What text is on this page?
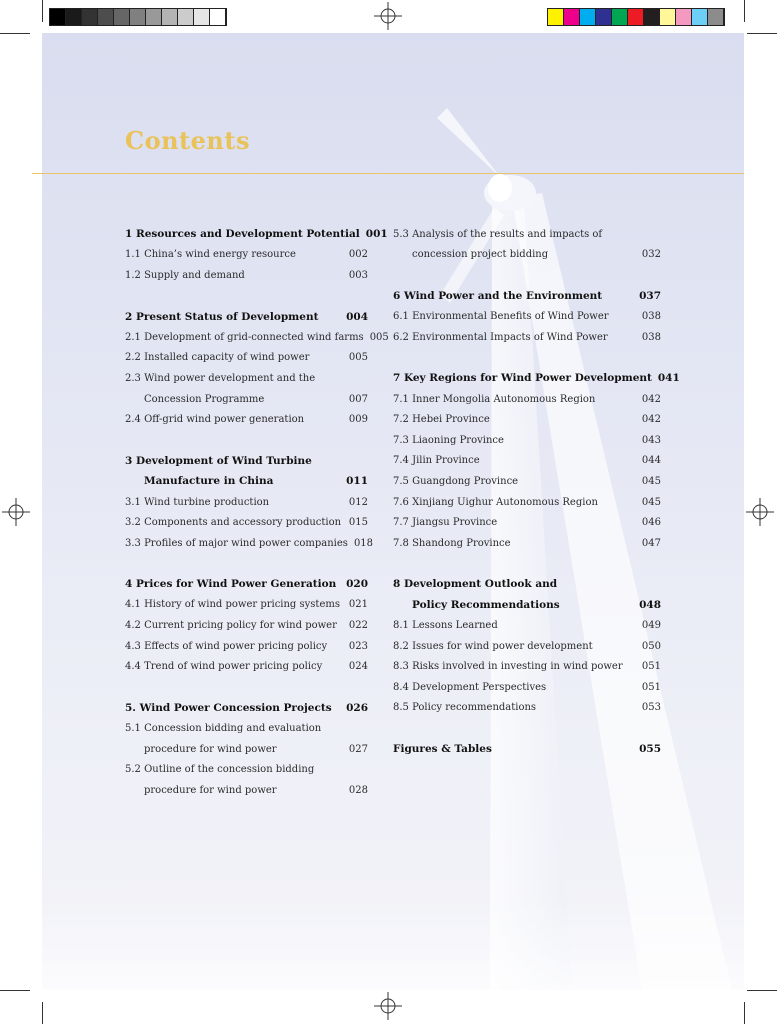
Contents
1 Resources and Development Potential 001
1.1 China’s wind energy resource	002
1.2 Supply and demand	003
2 Present Status of Development	004
2.1 Development of grid-connected wind farms 005
2.2 Installed capacity of wind power	005
2.3 Wind power development and the
Concession Programme	007
2.4 Off-grid wind power generation	009
3 Development of Wind Turbine
Manufacture in China	011
3.1 Wind turbine production	012
3.2 Components and accessory production 015
3.3 Profiles of major wind power companies 018
4 Prices for Wind Power Generation 020
4.1 History of wind power pricing systems 021
4.2 Current pricing policy for wind power 022
4.3 Effects of wind power pricing policy 023
4.4 Trend of wind power pricing policy	024
5. Wind Power Concession Projects 026
5.1 Concession bidding and evaluation
procedure for wind power	027
5.2 Outline of the concession bidding
procedure for wind power	028
5.3 Analysis of the results and impacts of
concession project bidding	032
6 Wind Power and the Environment	037
6.1 Environmental Benefits of Wind Power	038
6.2 Environmental Impacts of Wind Power	038
7 Key Regions for Wind Power Development 041
7.1 Inner Mongolia Autonomous Region	042
7.2 Hebei Province	042
7.3 Liaoning Province	043
7.4 Jilin Province	044
7.5 Guangdong Province	045
7.6 Xinjiang Uighur Autonomous Region	045
7.7 Jiangsu Province	046
7.8 Shandong Province	047
8 Development Outlook and
Policy Recommendations	048
8.1 Lessons Learned	049
8.2 Issues for wind power development	050
8.3 Risks involved in investing in wind power 051
8.4 Development Perspectives	051
8.5 Policy recommendations	053
Figures & Tables	055
